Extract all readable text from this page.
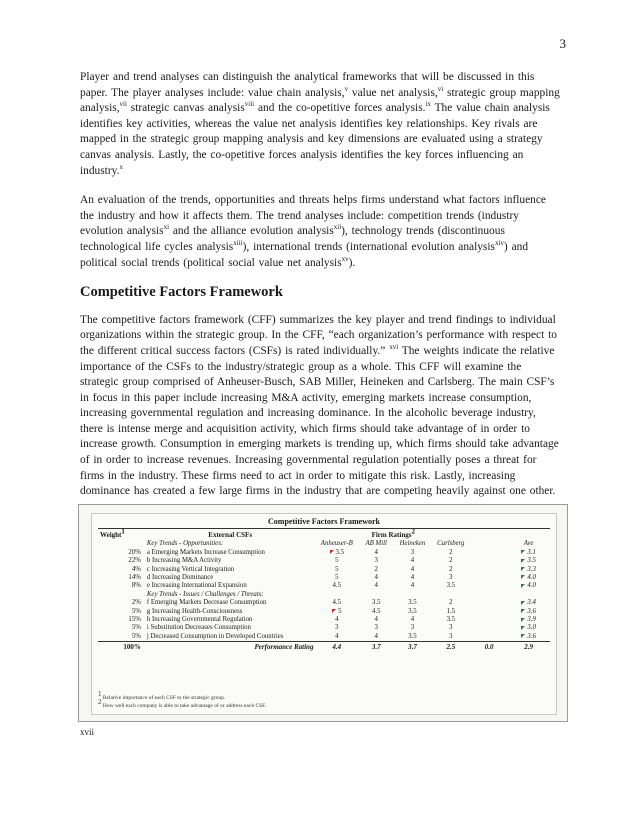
3

Player and trend analyses can distinguish the analytical frameworks that will be discussed in this paper. The player analyses include: value chain analysis,$^v$ value net analysis,$^{vi}$ strategic group mapping analysis,$^{vii}$ strategic canvas analysis$^{viii}$ and the co-opetitive forces analysis.$^{ix}$ The value chain analysis identifies key activities, whereas the value net analysis identifies key relationships. Key rivals are mapped in the strategic group mapping analysis and key dimensions are evaluated using a strategy canvas analysis. Lastly, the co-opetitive forces analysis identifies the key forces influencing an industry.$^x$

An evaluation of the trends, opportunities and threats helps firms understand what factors influence the industry and how it affects them. The trend analyses include: competition trends (industry evolution analysis$^{xi}$ and the alliance evolution analysis$^{xii}$), technology trends (discontinuous technological life cycles analysis$^{xiii}$), international trends (international evolution analysis$^{xiv}$) and political social trends (political social value net analysis$^{xv}$).

Competitive Factors Framework

The competitive factors framework (CFF) summarizes the key player and trend findings to individual organizations within the strategic group. In the CFF, “each organization’s performance with respect to the different critical success factors (CSFs) is rated individually.” $^{xvi}$ The weights indicate the relative importance of the CSFs to the industry/strategic group as a whole. This CFF will examine the strategic group comprised of Anheuser-Busch, SAB Miller, Heineken and Carlsberg. The main CSF’s in focus in this paper include increasing M&A activity, emerging markets increase consumption, increasing governmental regulation and increasing dominance. In the alcoholic beverage industry, there is intense merge and acquisition activity, which firms should take advantage of in order to increase growth. Consumption in emerging markets is trending up, which firms should take advantage of in order to increase revenues. Increasing governmental regulation potentially poses a threat for firms in the industry. These firms need to act in order to mitigate this risk. Lastly, increasing dominance has created a few large firms in the industry that are competing heavily against one other.

Competitive Factors Framework
Weight$^1$	External CSFs	Firm Ratings$^2$		
	Key Trends - Opportunities:	Anheuser-B	AB Mill	Heineken	Carlsberg		Ave
20%	a Emerging Markets Increase Consumption	3.5	4	3	2		3.1
22%	b Increasing M&A Activity	5	3	4	2		3.5
4%	c Increasing Vertical Integration	5	2	4	2		3.3
14%	d Increasing Dominance	5	4	4	3		4.0
8%	e Increasing International Expansion	4.5	4	4	3.5		4.0
	Key Trends - Issues / Challenges / Threats:						
2%	f Emerging Markets Decrease Consumption	4.5	3.5	3.5	2		3.4
5%	g Increasing Health-Consciousness	5	4.5	3.5	1.5		3.6
15%	h Increasing Governmental Regulation	4	4	4	3.5		3.9
5%	i Substitution Decreases Consumption	3	3	3	3		3.0
5%	j Decreased Consumption in Developed Countries	4	4	3.5	3		3.6
100%	Performance Rating	4.4	3.7	3.7	2.5	0.0	2.9
$^1$ Relative importance of each CSF to the strategic group.
$^2$ How well each company is able to take advantage of or address each CSF.
xvii
